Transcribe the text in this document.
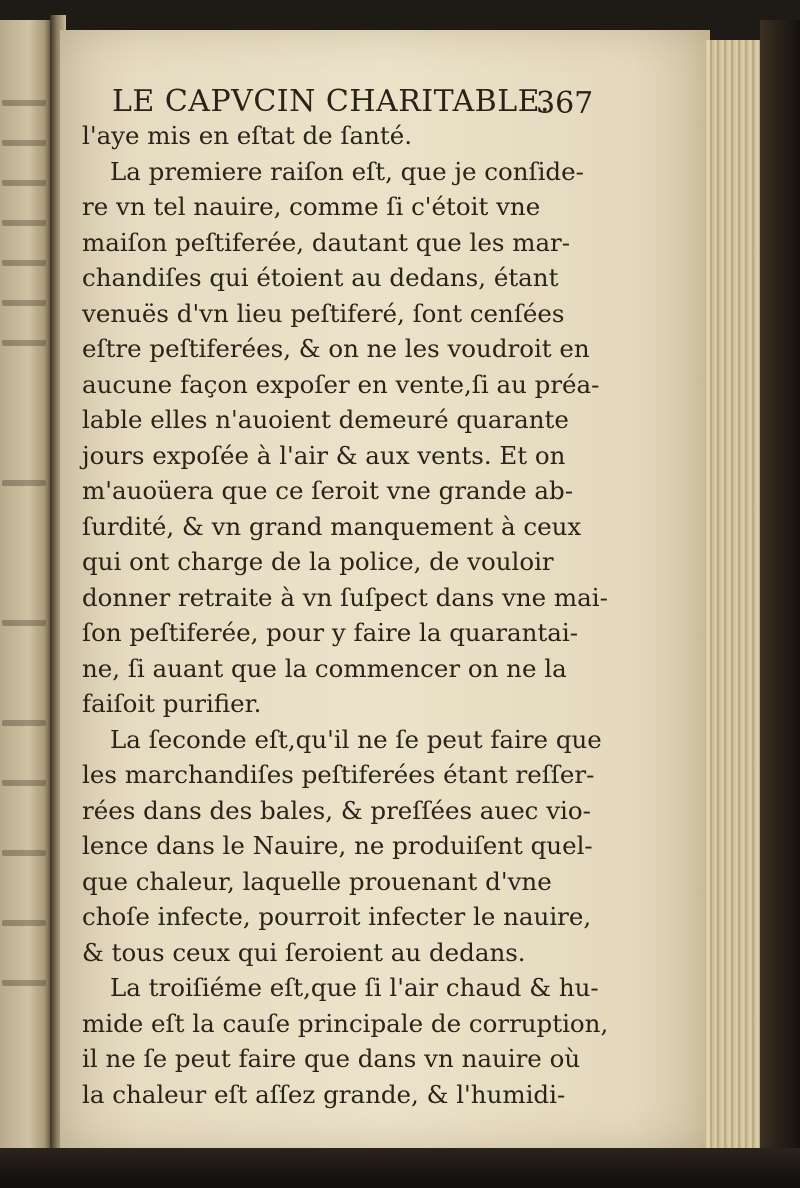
LE CAPVCIN CHARITABLE.
367
l'aye mis en eſtat de ſanté.
La premiere raiſon eſt, que je conſide-
re vn tel nauire, comme ſi c'étoit vne
maiſon peſtiferée, dautant que les mar-
chandiſes qui étoient au dedans, étant
venuës d'vn lieu peſtiferé, ſont cenſées
eſtre peſtiferées, & on ne les voudroit en
aucune façon expoſer en vente,ſi au préa-
lable elles n'auoient demeuré quarante
jours expoſée à l'air & aux vents. Et on
m'auoüera que ce ſeroit vne grande ab-
ſurdité, & vn grand manquement à ceux
qui ont charge de la police, de vouloir
donner retraite à vn ſuſpect dans vne mai-
ſon peſtiferée, pour y faire la quarantai-
ne, ſi auant que la commencer on ne la
faiſoit purifier.
La ſeconde eſt,qu'il ne ſe peut faire que
les marchandiſes peſtiferées étant reſſer-
rées dans des bales, & preſſées auec vio-
lence dans le Nauire, ne produiſent quel-
que chaleur, laquelle prouenant d'vne
choſe infecte, pourroit infecter le nauire,
& tous ceux qui ſeroient au dedans.
La troiſiéme eſt,que ſi l'air chaud & hu-
mide eſt la cauſe principale de corruption,
il ne ſe peut faire que dans vn nauire où
la chaleur eſt aſſez grande, & l'humidi-
